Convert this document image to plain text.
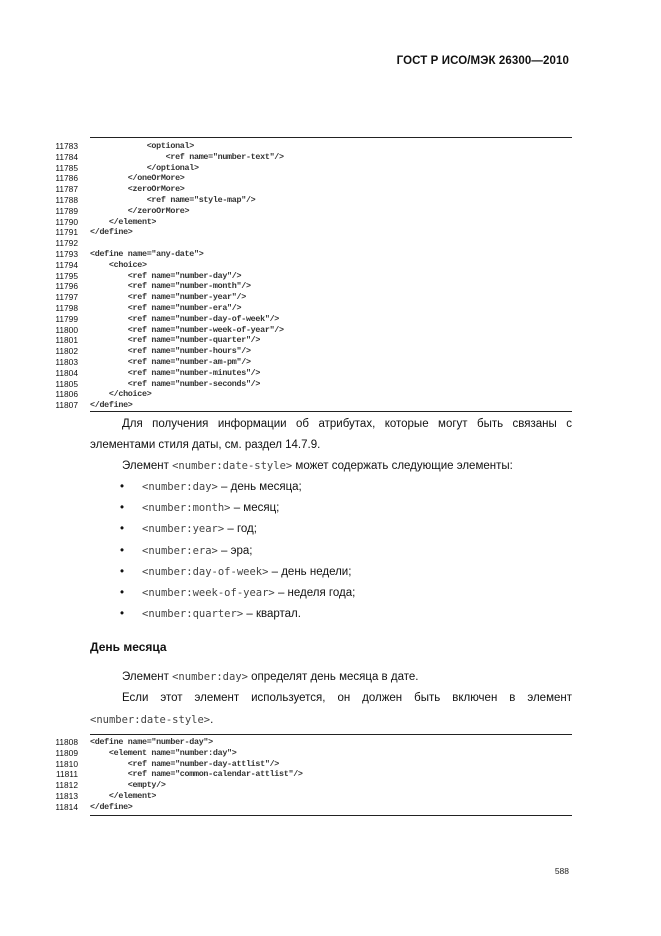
ГОСТ Р ИСО/МЭК 26300—2010
11783 <optional>
11784 <ref name="number-text"/>
11785 </optional>
11786 </oneOrMore>
11787 <zeroOrMore>
11788 <ref name="style-map"/>
11789 </zeroOrMore>
11790 </element>
11791 </define>
11792
11793 <define name="any-date">
11794 <choice>
11795 <ref name="number-day"/>
11796 <ref name="number-month"/>
11797 <ref name="number-year"/>
11798 <ref name="number-era"/>
11799 <ref name="number-day-of-week"/>
11800 <ref name="number-week-of-year"/>
11801 <ref name="number-quarter"/>
11802 <ref name="number-hours"/>
11803 <ref name="number-am-pm"/>
11804 <ref name="number-minutes"/>
11805 <ref name="number-seconds"/>
11806 </choice>
11807 </define>
Для получения информации об атрибутах, которые могут быть связаны с
Элемент <number:date-style> может содержать следующие элементы:
• <number:day> – день месяца;
• <number:month> – месяц;
• <number:year> – год;
• <number:era> – эра;
• <number:day-of-week> – день недели;
• <number:week-of-year> – неделя года;
• <number:quarter> – квартал.
День месяца
Элемент <number:day> определят день месяца в дате.
Если этот элемент используется, он должен быть включен в элемент
<number:date-style>.
11808 <define name="number-day">
11809 <element name="number:day">
11810 <ref name="number-day-attlist"/>
11811 <ref name="common-calendar-attlist"/>
11812 <empty/>
11813 </element>
11814 </define>
588
элементами стиля даты, см. раздел 14.7.9.
